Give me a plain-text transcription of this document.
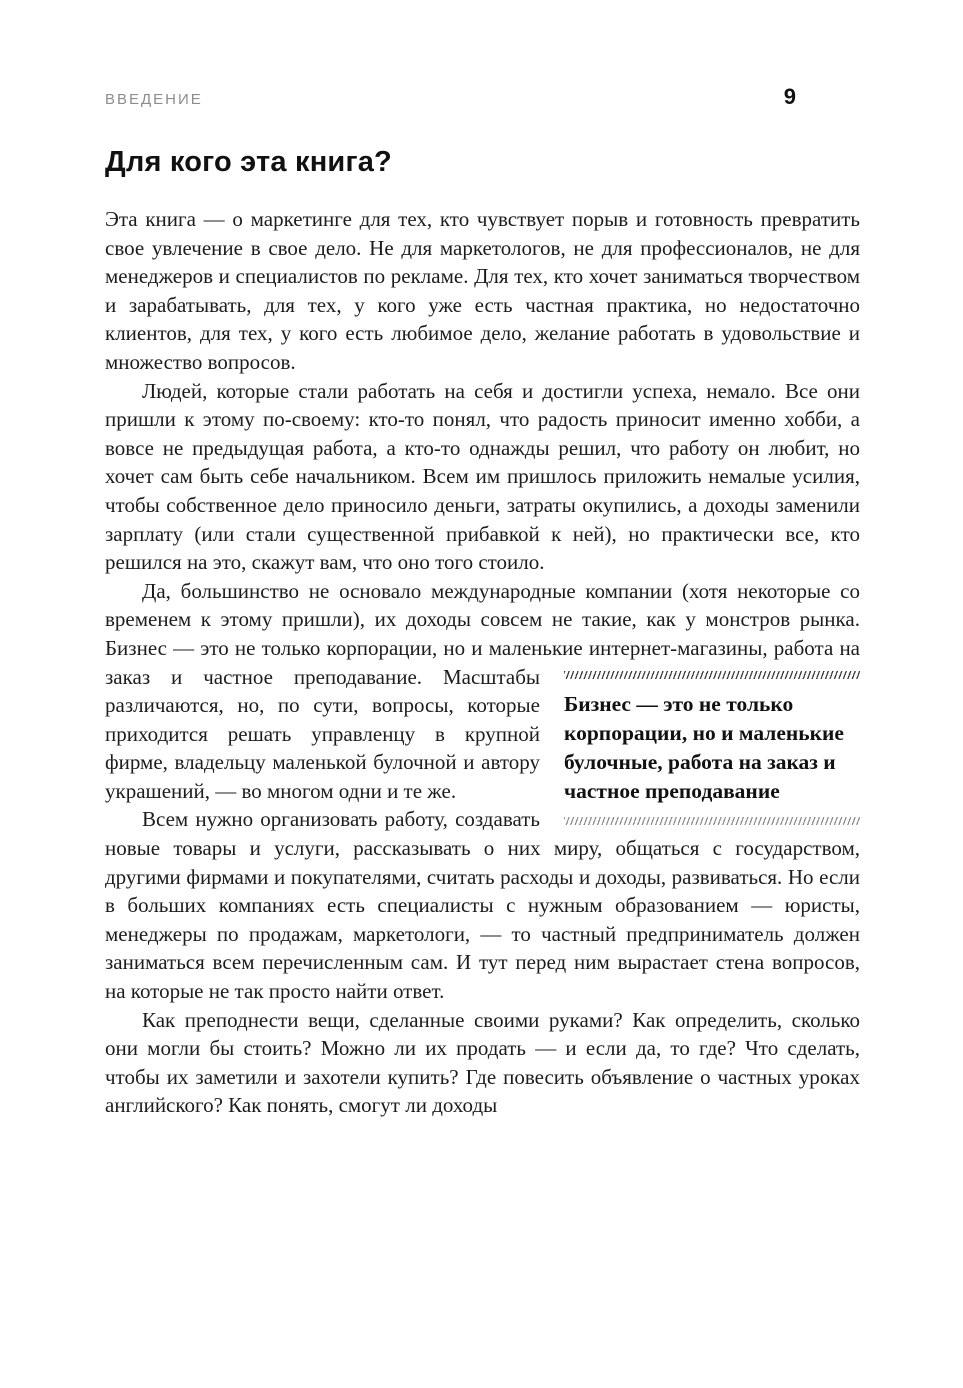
ВВЕДЕНИЕ	9
Для кого эта книга?

Эта книга — о маркетинге для тех, кто чувствует порыв и готовность превратить свое увлечение в свое дело. Не для маркетологов, не для профессионалов, не для менеджеров и специалистов по рекламе. Для тех, кто хочет заниматься творчеством и зарабатывать, для тех, у кого уже есть частная практика, но недостаточно клиентов, для тех, у кого есть любимое дело, желание работать в удовольствие и множество вопросов.

Людей, которые стали работать на себя и достигли успеха, немало. Все они пришли к этому по-своему: кто-то понял, что радость приносит именно хобби, а вовсе не предыдущая работа, а кто-то однажды решил, что работу он любит, но хочет сам быть себе начальником. Всем им пришлось приложить немалые усилия, чтобы собственное дело приносило деньги, затраты окупились, а доходы заменили зарплату (или стали существенной прибавкой к ней), но практически все, кто решился на это, скажут вам, что оно того стоило.

Да, большинство не основало международные компании (хотя некоторые со временем к этому пришли), их доходы совсем не такие, как у монстров рынка. Бизнес — это не только корпорации, но и маленькие
Бизнес — это не только корпорации, но и маленькие булочные, работа на заказ и частное преподавание
интернет-магазины, работа на заказ и частное преподавание. Масштабы различаются, но, по сути, вопросы, которые приходится решать управленцу в крупной фирме, владельцу маленькой булочной и автору украшений, — во многом одни и те же.

Всем нужно организовать работу, создавать новые товары и услуги, рассказывать о них миру, общаться с государством, другими фирмами и покупателями, считать расходы и доходы, развиваться. Но если в больших компаниях есть специалисты с нужным образованием — юристы, менеджеры по продажам, маркетологи, — то частный предприниматель должен заниматься всем перечисленным сам. И тут перед ним вырастает стена вопросов, на которые не так просто найти ответ.

Как преподнести вещи, сделанные своими руками? Как определить, сколько они могли бы стоить? Можно ли их продать — и если да, то где? Что сделать, чтобы их заметили и захотели купить? Где повесить объявление о частных уроках английского? Как понять, смогут ли доходы
